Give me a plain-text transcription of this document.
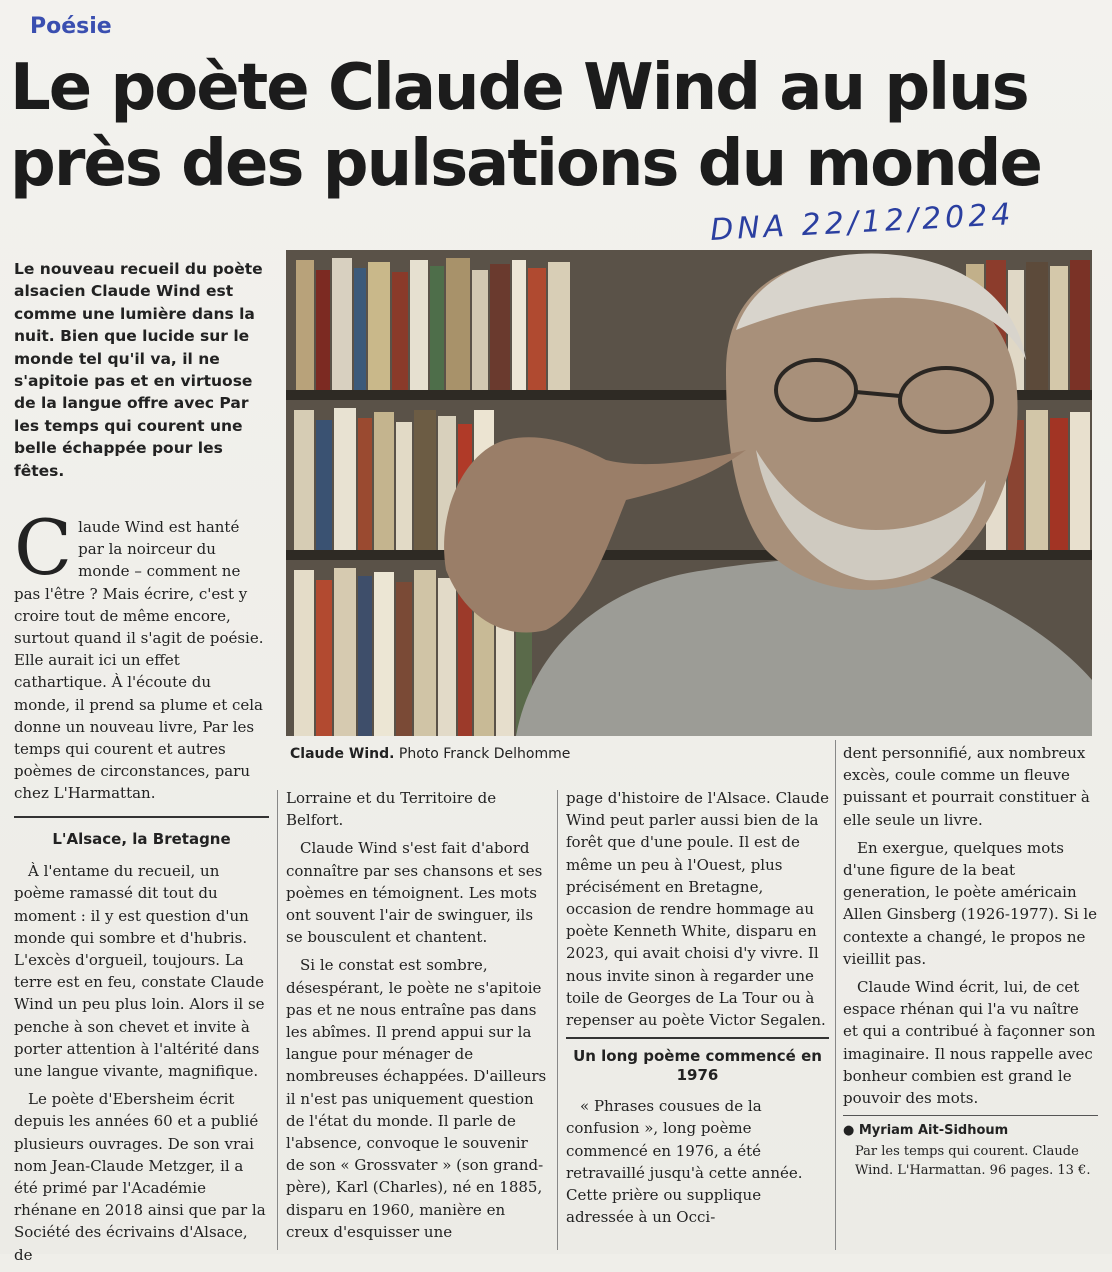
Poésie
Le poète Claude Wind au plus
près des pulsations du monde
DNA 22/12/2024
Le nouveau recueil du poète alsacien Claude Wind est comme une lumière dans la nuit. Bien que lucide sur le monde tel qu'il va, il ne s'apitoie pas et en virtuose de la langue offre avec Par les temps qui courent une belle échappée pour les fêtes.
Claude Wind. Photo Franck Delhomme
C laude Wind est hanté par la noirceur du monde – comment ne pas l'être ? Mais écrire, c'est y croire tout de même encore, surtout quand il s'agit de poésie. Elle aurait ici un effet cathartique. À l'écoute du monde, il prend sa plume et cela donne un nouveau livre, Par les temps qui courent et autres poèmes de circonstances, paru chez L'Harmattan.

L'Alsace, la Bretagne

À l'entame du recueil, un poème ramassé dit tout du moment : il y est question d'un monde qui sombre et d'hubris. L'excès d'orgueil, toujours. La terre est en feu, constate Claude Wind un peu plus loin. Alors il se penche à son chevet et invite à porter attention à l'altérité dans une langue vivante, magnifique.

Le poète d'Ebersheim écrit depuis les années 60 et a publié plusieurs ouvrages. De son vrai nom Jean-Claude Metzger, il a été primé par l'Académie rhénane en 2018 ainsi que par la Société des écrivains d'Alsace, de

Lorraine et du Territoire de Belfort.

Claude Wind s'est fait d'abord connaître par ses chansons et ses poèmes en témoignent. Les mots ont souvent l'air de swinguer, ils se bousculent et chantent.

Si le constat est sombre, désespérant, le poète ne s'apitoie pas et ne nous entraîne pas dans les abîmes. Il prend appui sur la langue pour ménager de nombreuses échappées. D'ailleurs il n'est pas uniquement question de l'état du monde. Il parle de l'absence, convoque le souvenir de son « Grossvater » (son grand-père), Karl (Charles), né en 1885, disparu en 1960, manière en creux d'esquisser une

page d'histoire de l'Alsace. Claude Wind peut parler aussi bien de la forêt que d'une poule. Il est de même un peu à l'Ouest, plus précisément en Bretagne, occasion de rendre hommage au poète Kenneth White, disparu en 2023, qui avait choisi d'y vivre. Il nous invite sinon à regarder une toile de Georges de La Tour ou à repenser au poète Victor Segalen.

Un long poème commencé en 1976

« Phrases cousues de la confusion », long poème commencé en 1976, a été retravaillé jusqu'à cette année. Cette prière ou supplique adressée à un Occi-

dent personnifié, aux nombreux excès, coule comme un fleuve puissant et pourrait constituer à elle seule un livre.

En exergue, quelques mots d'une figure de la beat generation, le poète américain Allen Ginsberg (1926-1977). Si le contexte a changé, le propos ne vieillit pas.

Claude Wind écrit, lui, de cet espace rhénan qui l'a vu naître et qui a contribué à façonner son imaginaire. Il nous rappelle avec bonheur combien est grand le pouvoir des mots.

● Myriam Ait-Sidhoum
Par les temps qui courent. Claude Wind. L'Harmattan. 96 pages. 13 €.
